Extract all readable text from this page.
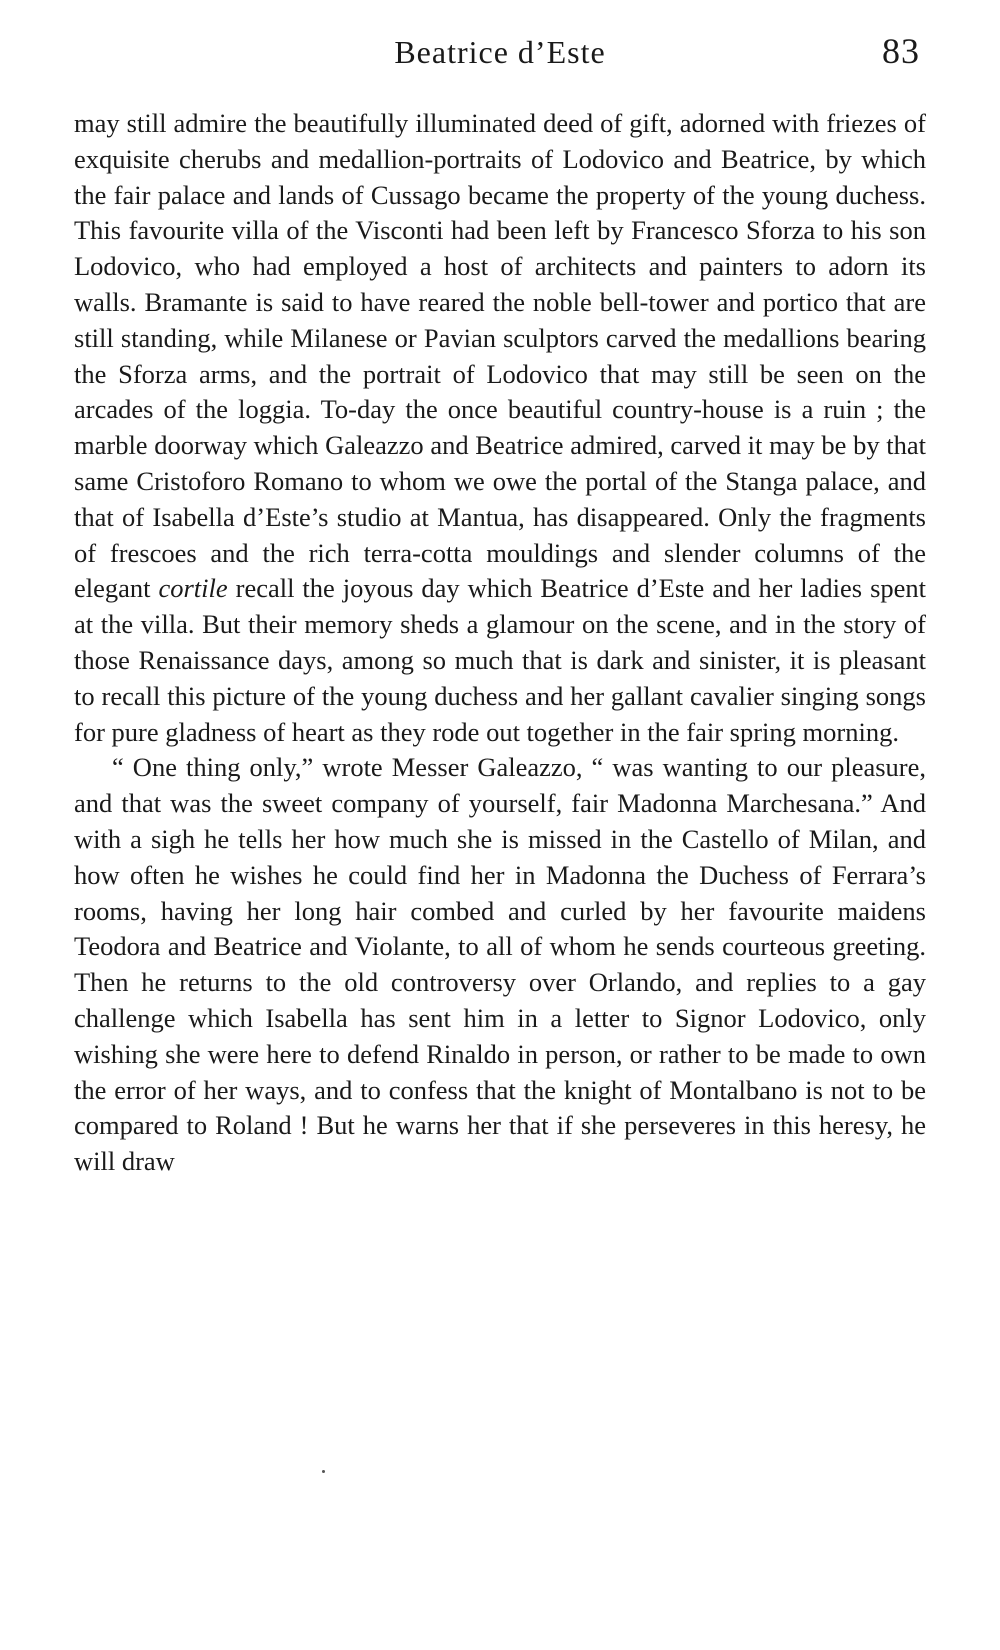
Beatrice d’Este	83

may still admire the beautifully illuminated deed of gift, adorned with friezes of exquisite cherubs and medallion-portraits of Lodovico and Beatrice, by which the fair palace and lands of Cussago became the property of the young duchess. This favourite villa of the Visconti had been left by Francesco Sforza to his son Lodovico, who had employed a host of architects and painters to adorn its walls. Bramante is said to have reared the noble bell-tower and portico that are still standing, while Milanese or Pavian sculptors carved the medallions bearing the Sforza arms, and the portrait of Lodovico that may still be seen on the arcades of the loggia. To-day the once beautiful country-house is a ruin ; the marble doorway which Galeazzo and Beatrice admired, carved it may be by that same Cristoforo Romano to whom we owe the portal of the Stanga palace, and that of Isabella d’Este’s studio at Mantua, has disappeared. Only the fragments of frescoes and the rich terra-cotta mouldings and slender columns of the elegant cortile recall the joyous day which Beatrice d’Este and her ladies spent at the villa. But their memory sheds a glamour on the scene, and in the story of those Renaissance days, among so much that is dark and sinister, it is pleasant to recall this picture of the young duchess and her gallant cavalier singing songs for pure gladness of heart as they rode out together in the fair spring morning.

“ One thing only,” wrote Messer Galeazzo, “ was wanting to our pleasure, and that was the sweet company of yourself, fair Madonna Marchesana.” And with a sigh he tells her how much she is missed in the Castello of Milan, and how often he wishes he could find her in Madonna the Duchess of Ferrara’s rooms, having her long hair combed and curled by her favourite maidens Teodora and Beatrice and Violante, to all of whom he sends courteous greeting. Then he returns to the old controversy over Orlando, and replies to a gay challenge which Isabella has sent him in a letter to Signor Lodovico, only wishing she were here to defend Rinaldo in person, or rather to be made to own the error of her ways, and to confess that the knight of Montalbano is not to be compared to Roland ! But he warns her that if she perseveres in this heresy, he will draw
